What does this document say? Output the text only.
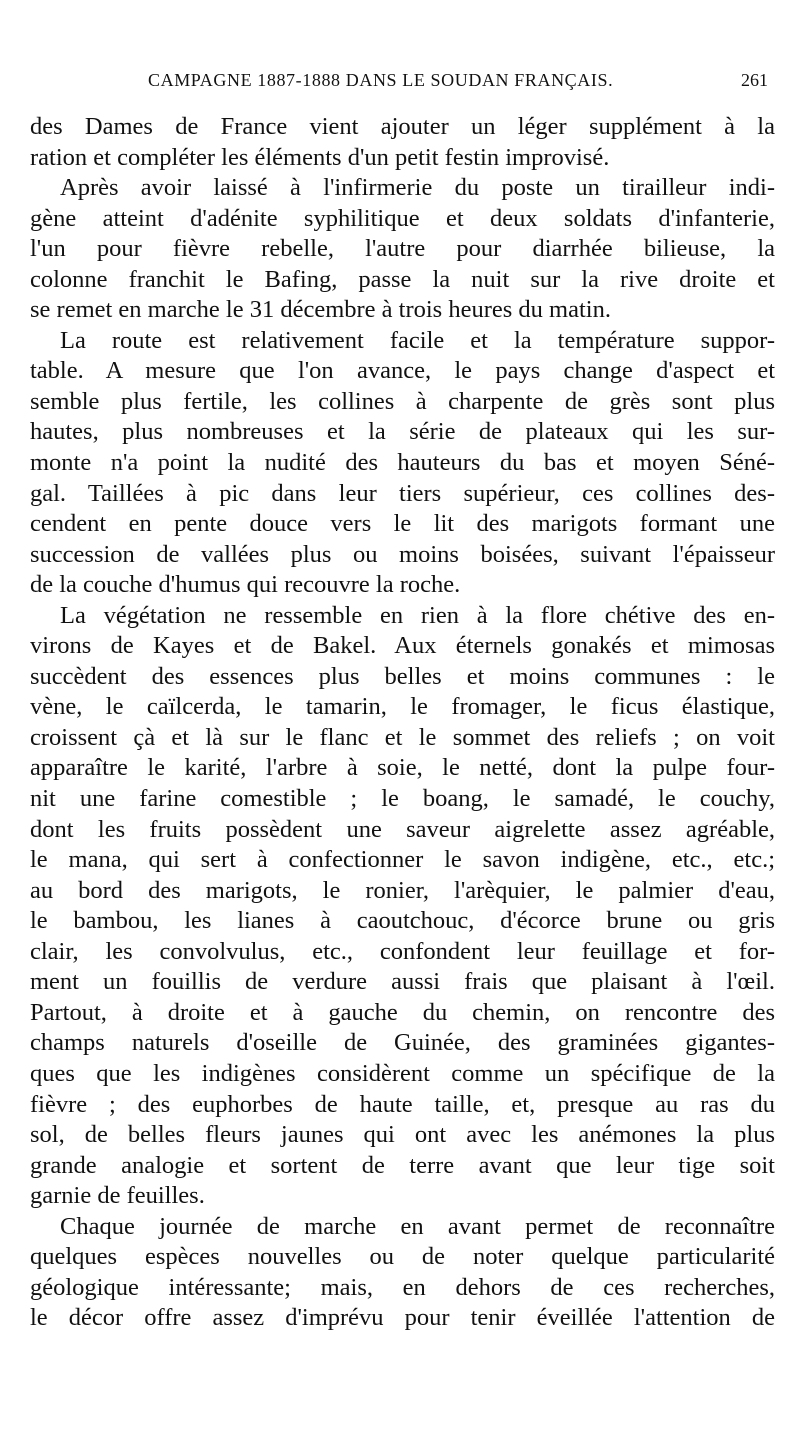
CAMPAGNE 1887-1888 DANS LE SOUDAN FRANÇAIS.	261
des Dames de France vient ajouter un léger supplément à la
ration et compléter les éléments d'un petit festin improvisé.
Après avoir laissé à l'infirmerie du poste un tirailleur indi-
gène atteint d'adénite syphilitique et deux soldats d'infanterie,
l'un pour fièvre rebelle, l'autre pour diarrhée bilieuse, la
colonne franchit le Bafing, passe la nuit sur la rive droite et
se remet en marche le 31 décembre à trois heures du matin.
La route est relativement facile et la température suppor-
table. A mesure que l'on avance, le pays change d'aspect et
semble plus fertile, les collines à charpente de grès sont plus
hautes, plus nombreuses et la série de plateaux qui les sur-
monte n'a point la nudité des hauteurs du bas et moyen Séné-
gal. Taillées à pic dans leur tiers supérieur, ces collines des-
cendent en pente douce vers le lit des marigots formant une
succession de vallées plus ou moins boisées, suivant l'épaisseur
de la couche d'humus qui recouvre la roche.
La végétation ne ressemble en rien à la flore chétive des en-
virons de Kayes et de Bakel. Aux éternels gonakés et mimosas
succèdent des essences plus belles et moins communes : le
vène, le caïlcerda, le tamarin, le fromager, le ficus élastique,
croissent çà et là sur le flanc et le sommet des reliefs ; on voit
apparaître le karité, l'arbre à soie, le netté, dont la pulpe four-
nit une farine comestible ; le boang, le samadé, le couchy,
dont les fruits possèdent une saveur aigrelette assez agréable,
le mana, qui sert à confectionner le savon indigène, etc., etc.;
au bord des marigots, le ronier, l'arèquier, le palmier d'eau,
le bambou, les lianes à caoutchouc, d'écorce brune ou gris
clair, les convolvulus, etc., confondent leur feuillage et for-
ment un fouillis de verdure aussi frais que plaisant à l'œil.
Partout, à droite et à gauche du chemin, on rencontre des
champs naturels d'oseille de Guinée, des graminées gigantes-
ques que les indigènes considèrent comme un spécifique de la
fièvre ; des euphorbes de haute taille, et, presque au ras du
sol, de belles fleurs jaunes qui ont avec les anémones la plus
grande analogie et sortent de terre avant que leur tige soit
garnie de feuilles.
Chaque journée de marche en avant permet de reconnaître
quelques espèces nouvelles ou de noter quelque particularité
géologique intéressante; mais, en dehors de ces recherches,
le décor offre assez d'imprévu pour tenir éveillée l'attention de
